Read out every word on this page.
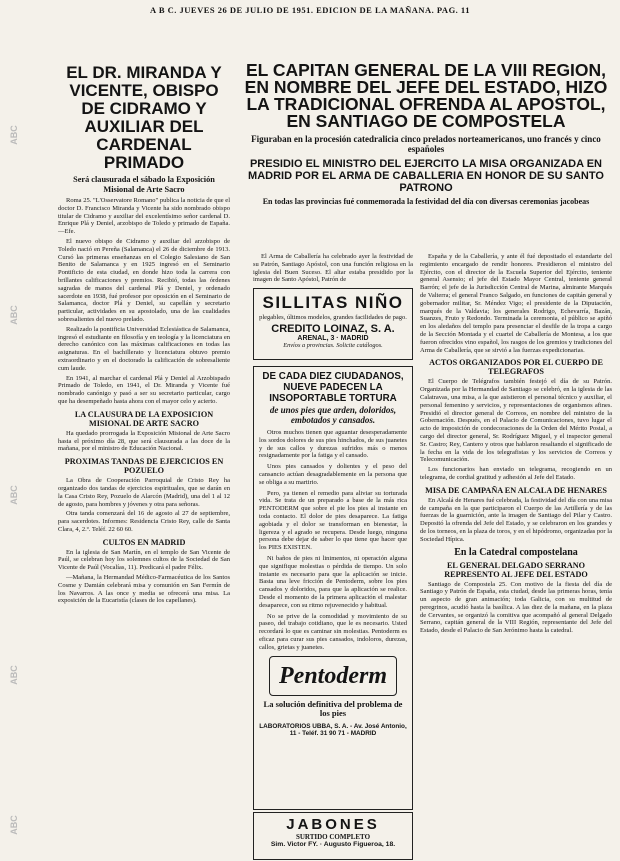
A B C. JUEVES 26 DE JULIO DE 1951. EDICION DE LA MAÑANA. PAG. 11
ABC
ABC
ABC
ABC
ABC
EL DR. MIRANDA Y VICENTE, OBISPO DE CIDRAMO Y AUXILIAR DEL CARDENAL PRIMADO
Será clausurada el sábado la Exposición Misional de Arte Sacro

Roma 25. "L'Osservatore Romano" publica la noticia de que el doctor D. Francisco Miranda y Vicente ha sido nombrado obispo titular de Cidramo y auxiliar del excelentísimo señor cardenal D. Enrique Plá y Deniel, arzobispo de Toledo y primado de España.—Efe.

El nuevo obispo de Cidramo y auxiliar del arzobispo de Toledo nació en Pereña (Salamanca) el 26 de diciembre de 1913. Cursó las primeras enseñanzas en el Colegio Salesiano de San Benito de Salamanca y en 1925 ingresó en el Seminario Pontificio de esta ciudad, en donde hizo toda la carrera con brillantes calificaciones y premios. Recibió, todas las órdenes sagradas de manos del cardenal Plá y Deniel, y ordenado sacerdote en 1938, fué profesor por oposición en el Seminario de Salamanca, doctor Plá y Deniel, su capellán y secretario particular, actividades en su apostolado, una de las cualidades sobresalientes del nuevo prelado.

Realizado la pontificia Universidad Eclesiástica de Salamanca, ingresó el estudiante en filosofía y en teología y la licenciatura en derecho canónico con las máximas calificaciones en todas las asignaturas. En el bachillerato y licenciatura obtuvo premio extraordinario y en el doctorado la calificación de sobresaliente cum laude.

En 1941, al marchar el cardenal Plá y Deniel al Arzobispado Primado de Toledo, en 1941, el Dr. Miranda y Vicente fué nombrado canónigo y pasó a ser su secretario particular, cargo que ha desempeñado hasta ahora con el mayor celo y acierto.

LA CLAUSURA DE LA EXPOSICION MISIONAL DE ARTE SACRO

Ha quedado prorrogada la Exposición Misional de Arte Sacro hasta el próximo día 28, que será clausurada a las doce de la mañana, por el ministro de Educación Nacional.

PROXIMAS TANDAS DE EJERCICIOS EN POZUELO

La Obra de Cooperación Parroquial de Cristo Rey ha organizado dos tandas de ejercicios espirituales, que se darán en la Casa Cristo Rey, Pozuelo de Alarcón (Madrid), una del 1 al 12 de agosto, para hombres y jóvenes y otra para señoras.

Otra tanda comenzará del 16 de agosto al 27 de septiembre, para sacerdotes. Informes: Residencia Cristo Rey, calle de Santa Clara, 4, 2.º. Teléf. 22 60 60.

CULTOS EN MADRID

En la iglesia de San Martín, en el templo de San Vicente de Paúl, se celebran hoy los solemnes cultos de la Sociedad de San Vicente de Paúl (Vocalías, 11). Predicará el padre Félix.

—Mañana, la Hermandad Médico-Farmacéutica de los Santos Cosme y Damián celebrará misa y comunión en San Fermín de los Navarros. A las once y media se ofrecerá una misa. La exposición de la Eucaristía (clases de los capellanes).

EL CAPITAN GENERAL DE LA VIII REGION, EN NOMBRE DEL JEFE DEL ESTADO, HIZO LA TRADICIONAL OFRENDA AL APOSTOL, EN SANTIAGO DE COMPOSTELA
Figuraban en la procesión catedralicia cinco prelados norteamericanos, uno francés y cinco españoles
PRESIDIO EL MINISTRO DEL EJERCITO LA MISA ORGANIZADA EN MADRID POR EL ARMA DE CABALLERIA EN HONOR DE SU SANTO PATRONO
En todas las provincias fué conmemorada la festividad del día con diversas ceremonias jacobeas

El Arma de Caballería ha celebrado ayer la festividad de su Patrón, Santiago Apóstol, con una función religiosa en la iglesia del Buen Suceso. El altar estaba presidido por la imagen de Santo Apóstol, Patrón de

SILLITAS NIÑO
plegables, últimos modelos, grandes facilidades de pago.
CREDITO LOINAZ, S. A.
ARENAL, 3 · MADRID
Envíos a provincias. Solicite catálogos.
DE CADA DIEZ CIUDADANOS, NUEVE PADECEN LA INSOPORTABLE TORTURA
de unos pies que arden, doloridos, embotados y cansados.

Otros muchos tienen que aguantar desesperadamente los sordos dolores de sus pies hinchados, de sus juanetes y de sus callos y durezas sufridos más o menos resignadamente por la fatiga y el cansado.

Unos pies cansados y dolientes y el peso del cansancio actúan desagradablemente en la persona que se obliga a su martirio.

Pero, ya tienen el remedio para aliviar su torturada vida. Se trata de un preparado a base de la más rica PENTODERM que sobre el pie los pies al instante en toda contacto. El dolor de pies desaparece. La fatiga agobiada y el dolor se transforman en bienestar, la ligereza y el agrado se recupera. Desde luego, ninguna persona debe dejar de saber lo que tiene que hacer que los PIES EXISTEN.

Ni baños de pies ni linimentos, ni operación alguna que signifique molestias o pérdida de tiempo. Un solo instante es necesario para que la aplicación se inicie. Basta una leve fricción de Pentoderm, sobre los pies cansados y doloridos, para que la aplicación se realice. Desde el momento de la primera aplicación el malestar desaparece, con su ritmo rejuvenecido y habitual.

No se prive de la comodidad y movimiento de su paseo, del trabajo cotidiano, que le es necesario. Usted recordará lo que es caminar sin molestias. Pentoderm es eficaz para curar sus pies cansados, indoloros, durezas, callos, grietas y juanetes.

Pentoderm
La solución definitiva del problema de los pies
LABORATORIOS UBBA, S. A. - Av. José Antonio, 11 - Teléf. 31 90 71 - MADRID
JABONES
SURTIDO COMPLETO
Sim. Victor FY. · Augusto Figueroa, 18.

España y de la Caballería, y ante él fué depositado el estandarte del regimiento encargado de rendir honores. Presidieron el ministro del Ejército, con el director de la Escuela Superior del Ejército, teniente general Asensio; el jefe del Estado Mayor Central, teniente general Barrón; el jefe de la Jurisdicción Central de Marina, almirante Marqués de Valterra; el general Franco Salgado, en funciones de capitán general y gobernador militar, Sr. Méndez Vigo; el presidente de la Diputación, marqués de la Valdavia; los generales Rodrigo, Echevarría, Bazán, Suanzes, Fruto y Redondo. Terminada la ceremonia, el público se apiñó en los aledaños del templo para presenciar el desfile de la tropa a cargo de la Sección Montada y el cuartel de Caballería de Montesa, a los que fueron ofrecidos vino español, los rasgos de los gremios y tradiciones del Arma de Caballería, que se sirvió a las fuerzas expedicionarias.

ACTOS ORGANIZADOS POR EL CUERPO DE TELEGRAFOS

El Cuerpo de Telégrafos también festejó el día de su Patrón. Organizada por la Hermandad de Santiago se celebró, en la iglesia de las Calatravas, una misa, a la que asistieron el personal técnico y auxiliar, el personal femenino y servicios, y representaciones de organismos afines. Presidió el director general de Correos, en nombre del ministro de la Gobernación. Después, en el Palacio de Comunicaciones, tuvo lugar el acto de imposición de condecoraciones de la Orden del Mérito Postal, a cargo del director general, Sr. Rodríguez Miguel, y el inspector general Sr. Castro; Rey, Cantero y otros que hablaron resaltando el significado de la fecha en la vida de los telegrafistas y los servicios de Correos y Telecomunicación.

Los funcionarios han enviado un telegrama, recogiendo en un telegrama, de cordial gratitud y adhesión al Jefe del Estado.

MISA DE CAMPAÑA EN ALCALA DE HENARES

En Alcalá de Henares fué celebrada, la festividad del día con una misa de campaña en la que participaron el Cuerpo de las Artillería y de las fuerzas de la guarnición, ante la imagen de Santiago del Pilar y Castro. Depositó la ofrenda del Jefe del Estado, y se celebraron en los grandes y de los torneos, en la plaza de toros, y en el hipódromo, organizadas por la Sociedad Hípica.

En la Catedral compostelana
EL GENERAL DELGADO SERRANO REPRESENTO AL JEFE DEL ESTADO

Santiago de Compostela 25. Con motivo de la fiesta del día de Santiago y Patrón de España, esta ciudad, desde las primeras horas, tenía un aspecto de gran animación; toda Galicia, con su multitud de peregrinos, acudió hasta la basílica. A las diez de la mañana, en la plaza de Cervantes, se organizó la comitiva que acompañó al general Delgado Serrano, capitán general de la VIII Región, representante del Jefe del Estado, desde el Palacio de San Jerónimo hasta la catedral.
